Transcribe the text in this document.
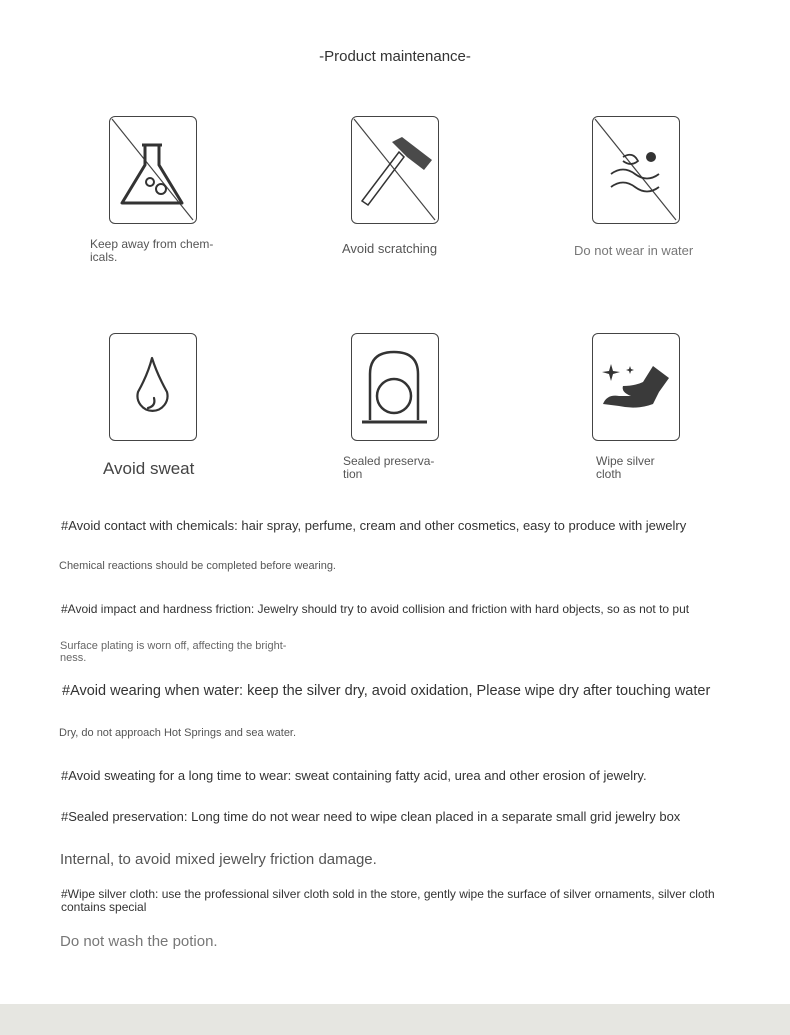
-Product maintenance-
Keep away from chem-
icals.
Avoid scratching	Do not wear in water
Avoid sweat	Sealed preserva-
tion
Wipe silver
cloth
#Avoid contact with chemicals: hair spray, perfume, cream and other cosmetics, easy to produce with jewelry
Chemical reactions should be completed before wearing.
#Avoid impact and hardness friction: Jewelry should try to avoid collision and friction with hard objects, so as not to put
Surface plating is worn off, affecting the bright-
ness.
#Avoid wearing when water: keep the silver dry, avoid oxidation, Please wipe dry after touching water
Dry, do not approach Hot Springs and sea water.
#Avoid sweating for a long time to wear: sweat containing fatty acid, urea and other erosion of jewelry.
#Sealed preservation: Long time do not wear need to wipe clean placed in a separate small grid jewelry box
Internal, to avoid mixed jewelry friction damage.
#Wipe silver cloth: use the professional silver cloth sold in the store, gently wipe the surface of silver ornaments, silver cloth
contains special
Do not wash the potion.
